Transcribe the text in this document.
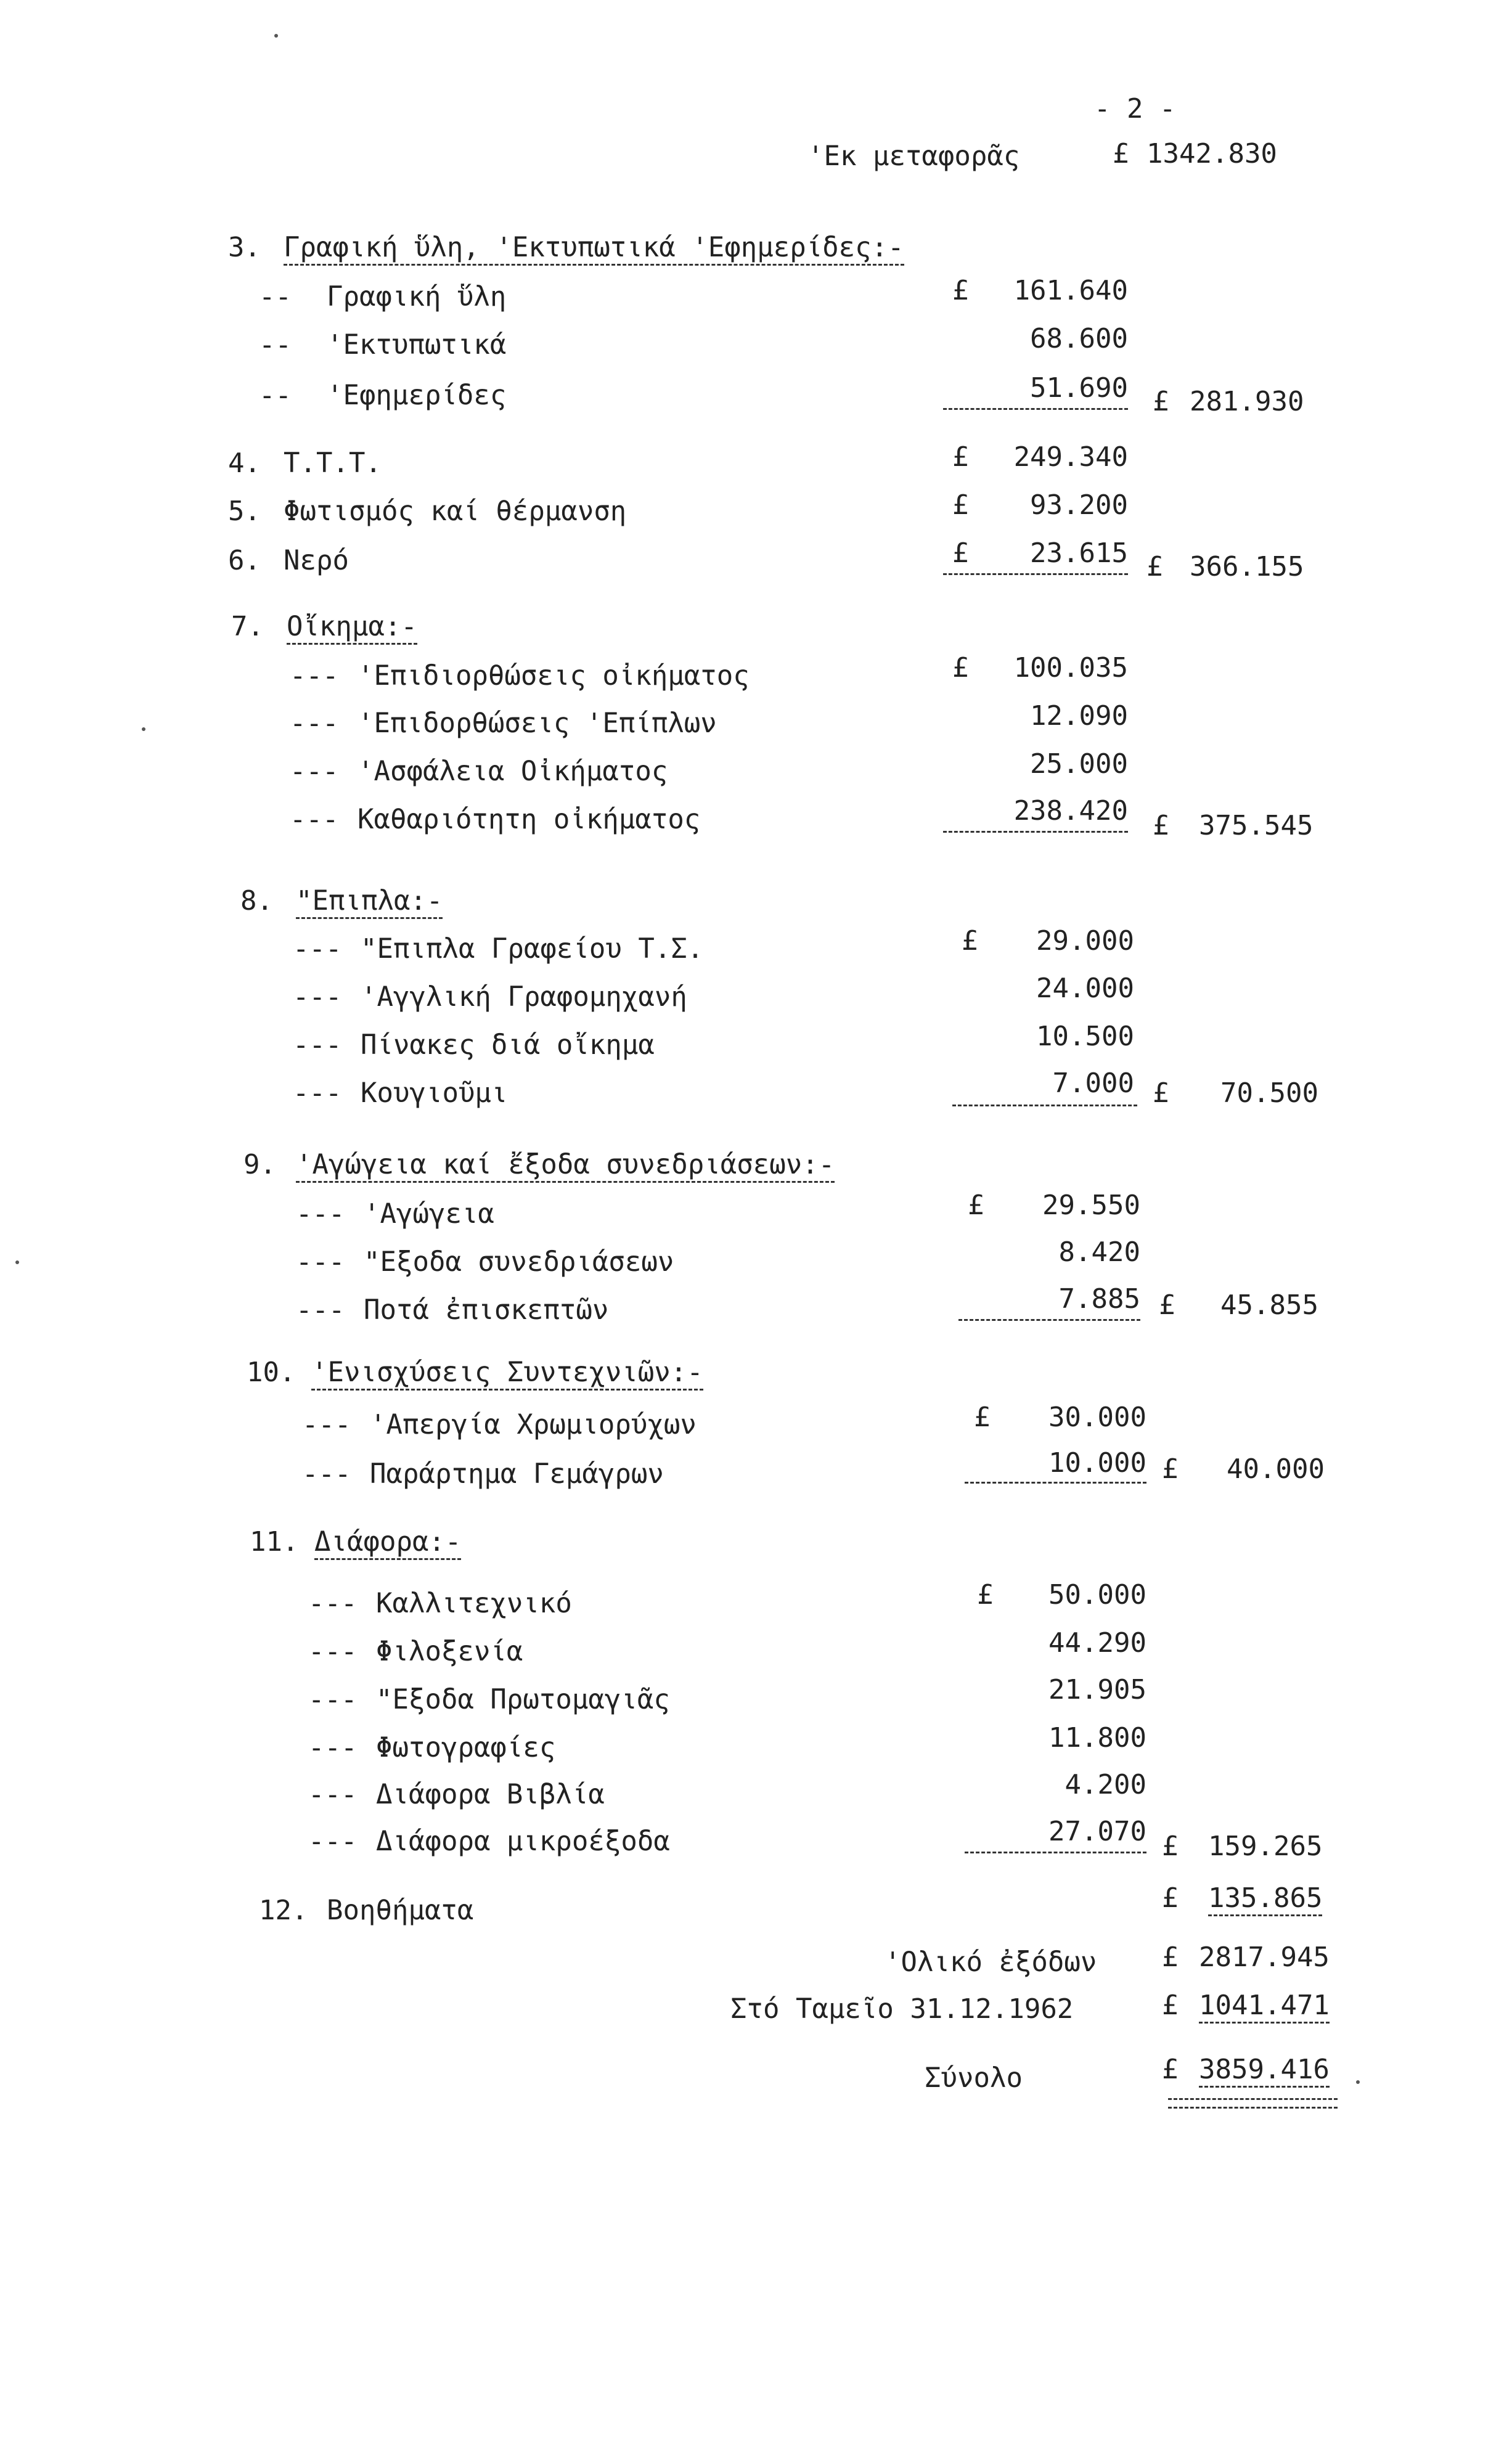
- 2 -
'Εκ μεταφορᾶς	£ 1342.830
3. Γραφική ὕλη, 'Εκτυπωτικά 'Εφημερίδες:-
-- Γραφική ὕλη	£	161.640
-- 'Εκτυπωτικά	68.600
-- 'Εφημερίδες	51.690 £ 281.930
4. Τ.Τ.Τ.	£	249.340
5. Φωτισμός καί θέρμανση	£	93.200
6. Νερό	£	23.615 £ 366.155
7. Οἴκημα:-
--- 'Επιδιορθώσεις οἰκήματος	£	100.035
--- 'Επιδορθώσεις 'Επίπλων	12.090
--- 'Ασφάλεια Οἰκήματος	25.000
--- Καθαριότητη οἰκήματος	238.420 £ 375.545
8. "Επιπλα:-
--- "Επιπλα Γραφείου Τ.Σ.	£	29.000
--- 'Αγγλική Γραφομηχανή	24.000
--- Πίνακες διά οἴκημα	10.500
--- Κουγιοῦμι	7.000 £ 70.500
9. 'Αγώγεια καί ἔξοδα συνεδριάσεων:-
--- 'Αγώγεια	£	29.550
--- "Εξοδα συνεδριάσεων	8.420
--- Ποτά ἐπισκεπτῶν	7.885 £ 45.855
10. 'Ενισχύσεις Συντεχνιῶν:-
--- 'Απεργία Χρωμιορύχων	£	30.000
--- Παράρτημα Γεμάγρων	10.000 £ 40.000
11. Διάφορα:-
--- Καλλιτεχνικό	£	50.000
--- Φιλοξενία	44.290
--- "Εξοδα Πρωτομαγιᾶς	21.905
--- Φωτογραφίες	11.800
--- Διάφορα Βιβλία	4.200
--- Διάφορα μικροέξοδα	27.070 £ 159.265
12. Βοηθήματα	£ 135.865
'Ολικό ἐξόδων £ 2817.945
Στό Ταμεῖο 31.12.1962	£ 1041.471
Σύνολο	£ 3859.416
